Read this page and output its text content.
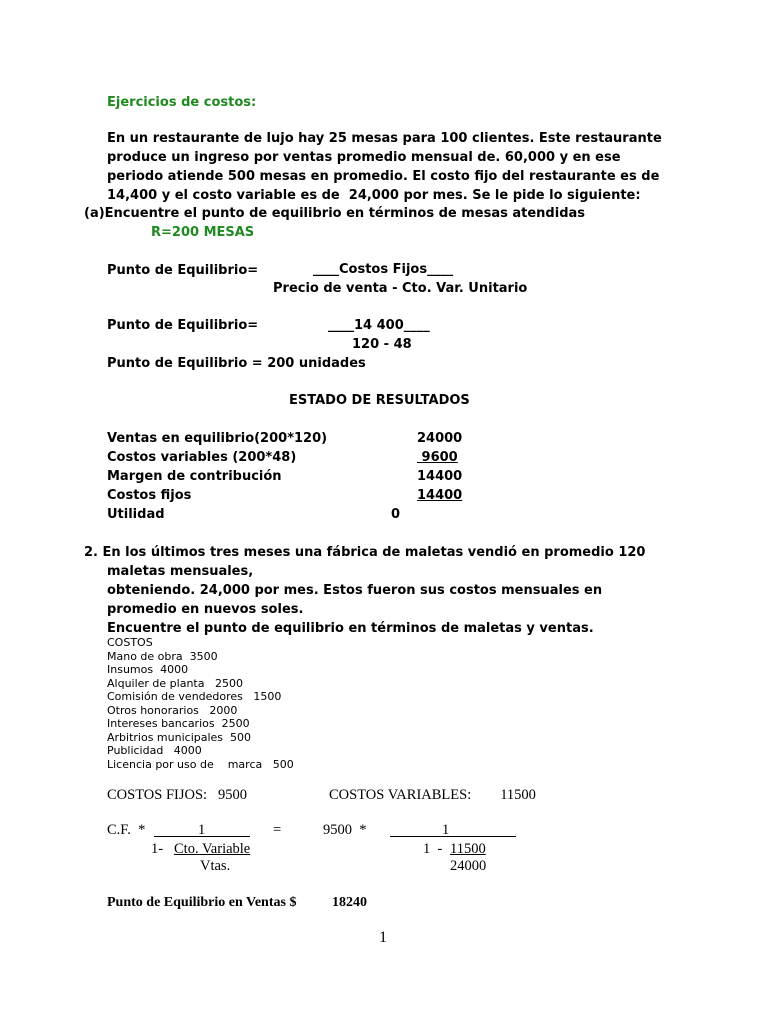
Ejercicios de costos:
En un restaurante de lujo hay 25 mesas para 100 clientes. Este restaurante
produce un ingreso por ventas promedio mensual de. 60,000 y en ese
periodo atiende 500 mesas en promedio. El costo fijo del restaurante es de
14,400 y el costo variable es de  24,000 por mes. Se le pide lo siguiente:
(a)Encuentre el punto de equilibrio en términos de mesas atendidas
R=200 MESAS
Punto de Equilibrio=	____Costos Fijos____
Precio de venta - Cto. Var. Unitario
Punto de Equilibrio=	____14 400____
120 - 48
Punto de Equilibrio = 200 unidades
ESTADO DE RESULTADOS
Ventas en equilibrio(200*120)	24000
Costos variables (200*48)	9600
Margen de contribución	14400
Costos fijos	14400
Utilidad	0
2. En los últimos tres meses una fábrica de maletas vendió en promedio 120
maletas mensuales,
obteniendo. 24,000 por mes. Estos fueron sus costos mensuales en
promedio en nuevos soles.
Encuentre el punto de equilibrio en términos de maletas y ventas.
COSTOS
Mano de obra  3500
Insumos  4000
Alquiler de planta   2500
Comisión de vendedores   1500
Otros honorarios   2000
Intereses bancarios  2500
Arbitrios municipales  500
Publicidad   4000
Licencia por uso de    marca   500
COSTOS FIJOS:   9500	COSTOS VARIABLES:        11500
C.F.  *	1	=	9500  *	1
1- Cto. Variable
Vtas.
1  - 11500
24000
Punto de Equilibrio en Ventas $	18240
1
